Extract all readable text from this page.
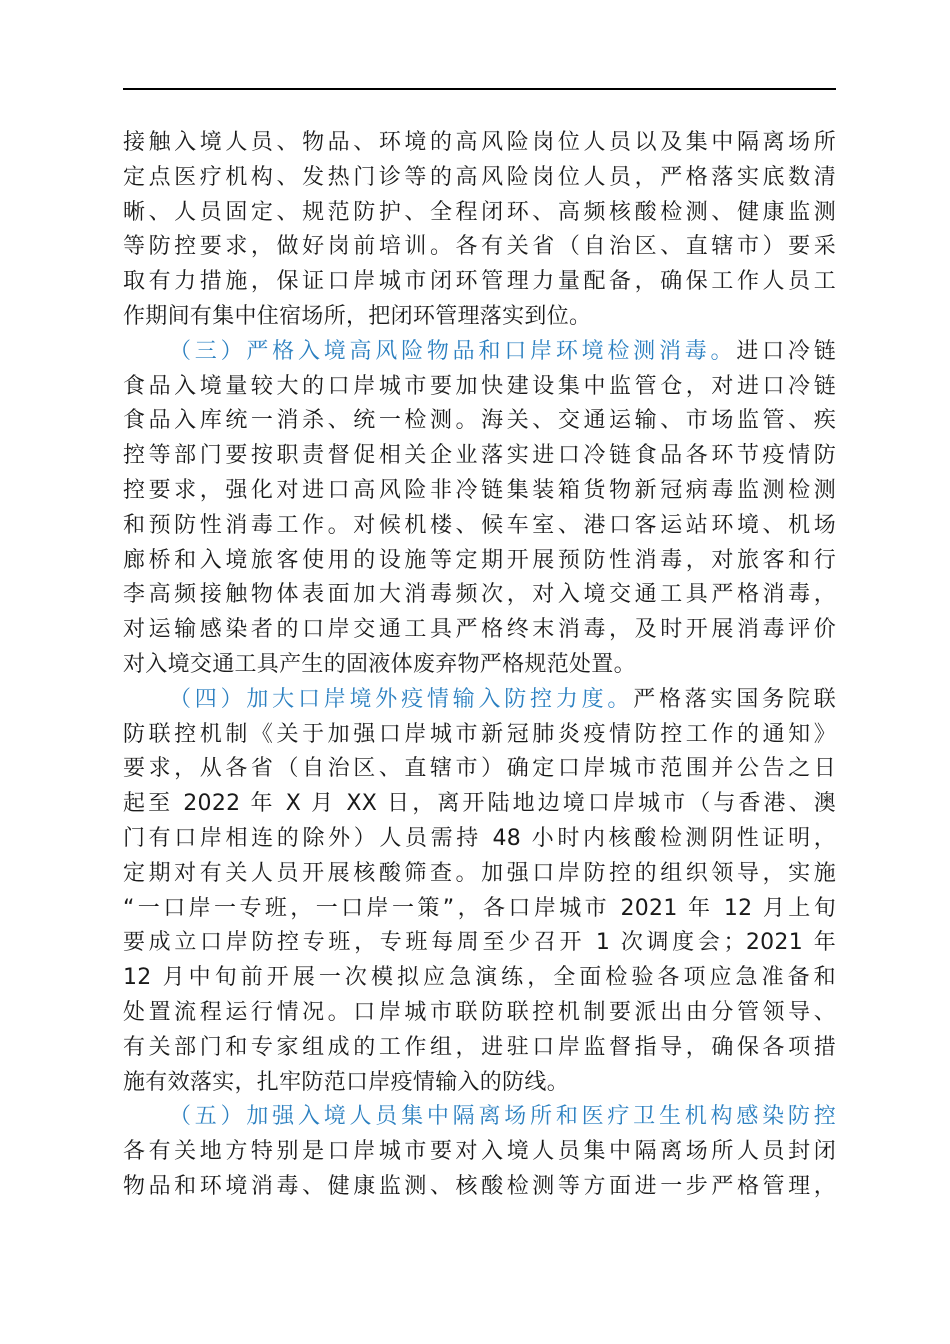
接触入境人员、物品、环境的高风险岗位人员以及集中隔离场所
定点医疗机构、发热门诊等的高风险岗位人员，严格落实底数清
晰、人员固定、规范防护、全程闭环、高频核酸检测、健康监测
等防控要求，做好岗前培训。各有关省（自治区、直辖市）要采
取有力措施，保证口岸城市闭环管理力量配备，确保工作人员工
作期间有集中住宿场所，把闭环管理落实到位。
（三）严格入境高风险物品和口岸环境检测消毒。进口冷链
食品入境量较大的口岸城市要加快建设集中监管仓，对进口冷链
食品入库统一消杀、统一检测。海关、交通运输、市场监管、疾
控等部门要按职责督促相关企业落实进口冷链食品各环节疫情防
控要求，强化对进口高风险非冷链集装箱货物新冠病毒监测检测
和预防性消毒工作。对候机楼、候车室、港口客运站环境、机场
廊桥和入境旅客使用的设施等定期开展预防性消毒，对旅客和行
李高频接触物体表面加大消毒频次，对入境交通工具严格消毒，
对运输感染者的口岸交通工具严格终末消毒，及时开展消毒评价
对入境交通工具产生的固液体废弃物严格规范处置。
（四）加大口岸境外疫情输入防控力度。严格落实国务院联
防联控机制《关于加强口岸城市新冠肺炎疫情防控工作的通知》
要求，从各省（自治区、直辖市）确定口岸城市范围并公告之日
起至 2022 年 X 月 XX 日，离开陆地边境口岸城市（与香港、澳
门有口岸相连的除外）人员需持 48 小时内核酸检测阴性证明，
定期对有关人员开展核酸筛查。加强口岸防控的组织领导，实施
“一口岸一专班，一口岸一策”，各口岸城市 2021 年 12 月上旬
要成立口岸防控专班，专班每周至少召开 1 次调度会；2021 年
12 月中旬前开展一次模拟应急演练，全面检验各项应急准备和
处置流程运行情况。口岸城市联防联控机制要派出由分管领导、
有关部门和专家组成的工作组，进驻口岸监督指导，确保各项措
施有效落实，扎牢防范口岸疫情输入的防线。
（五）加强入境人员集中隔离场所和医疗卫生机构感染防控
各有关地方特别是口岸城市要对入境人员集中隔离场所人员封闭
物品和环境消毒、健康监测、核酸检测等方面进一步严格管理，
